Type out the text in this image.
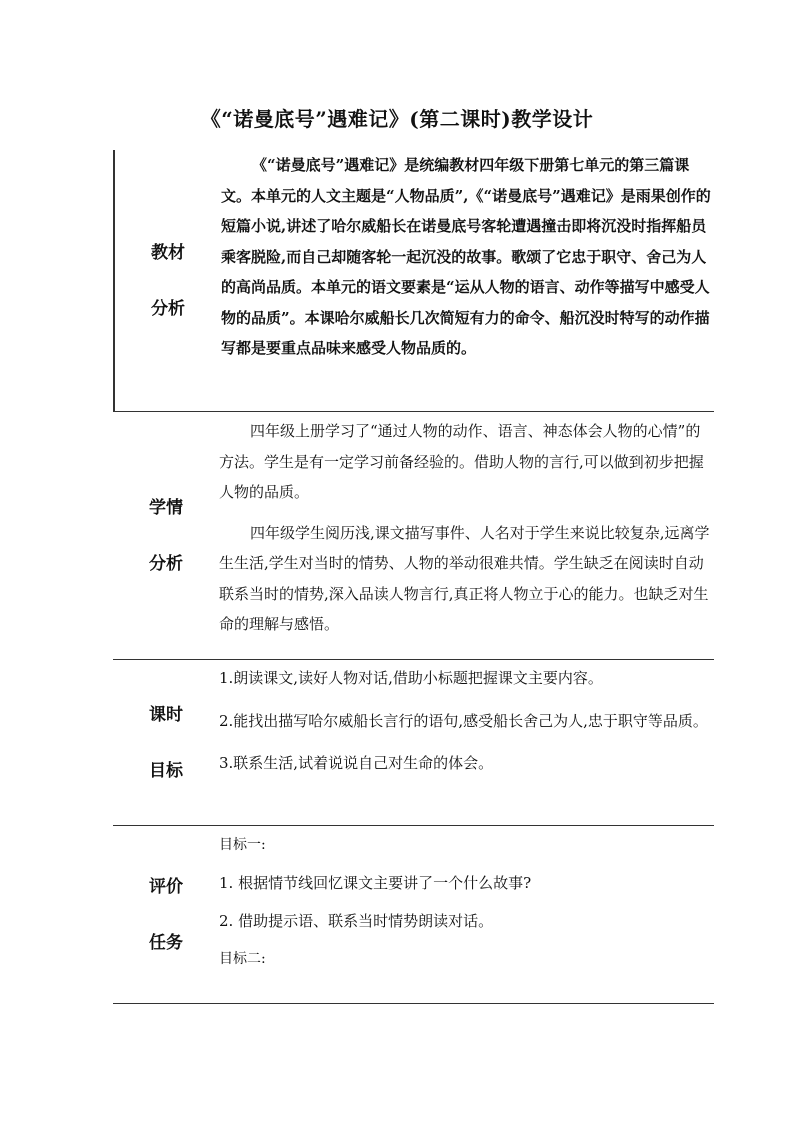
《“诺曼底号”遇难记》(第二课时)教学设计
教材
分析

《“诺曼底号”遇难记》是统编教材四年级下册第七单元的第三篇课文。本单元的人文主题是“人物品质”,《“诺曼底号”遇难记》是雨果创作的短篇小说,讲述了哈尔威船长在诺曼底号客轮遭遇撞击即将沉没时指挥船员乘客脱险,而自己却随客轮一起沉没的故事。歌颂了它忠于职守、舍己为人的高尚品质。本单元的语文要素是“运从人物的语言、动作等描写中感受人物的品质”。本课哈尔威船长几次简短有力的命令、船沉没时特写的动作描写都是要重点品味来感受人物品质的。

学情
分析

四年级上册学习了“通过人物的动作、语言、神态体会人物的心情”的方法。学生是有一定学习前备经验的。借助人物的言行,可以做到初步把握人物的品质。

四年级学生阅历浅,课文描写事件、人名对于学生来说比较复杂,远离学生生活,学生对当时的情势、人物的举动很难共情。学生缺乏在阅读时自动联系当时的情势,深入品读人物言行,真正将人物立于心的能力。也缺乏对生命的理解与感悟。

课时
目标

1.朗读课文,读好人物对话,借助小标题把握课文主要内容。

2.能找出描写哈尔威船长言行的语句,感受船长舍己为人,忠于职守等品质。

3.联系生活,试着说说自己对生命的体会。

评价
任务

目标一:

1. 根据情节线回忆课文主要讲了一个什么故事?

2. 借助提示语、联系当时情势朗读对话。

目标二:
